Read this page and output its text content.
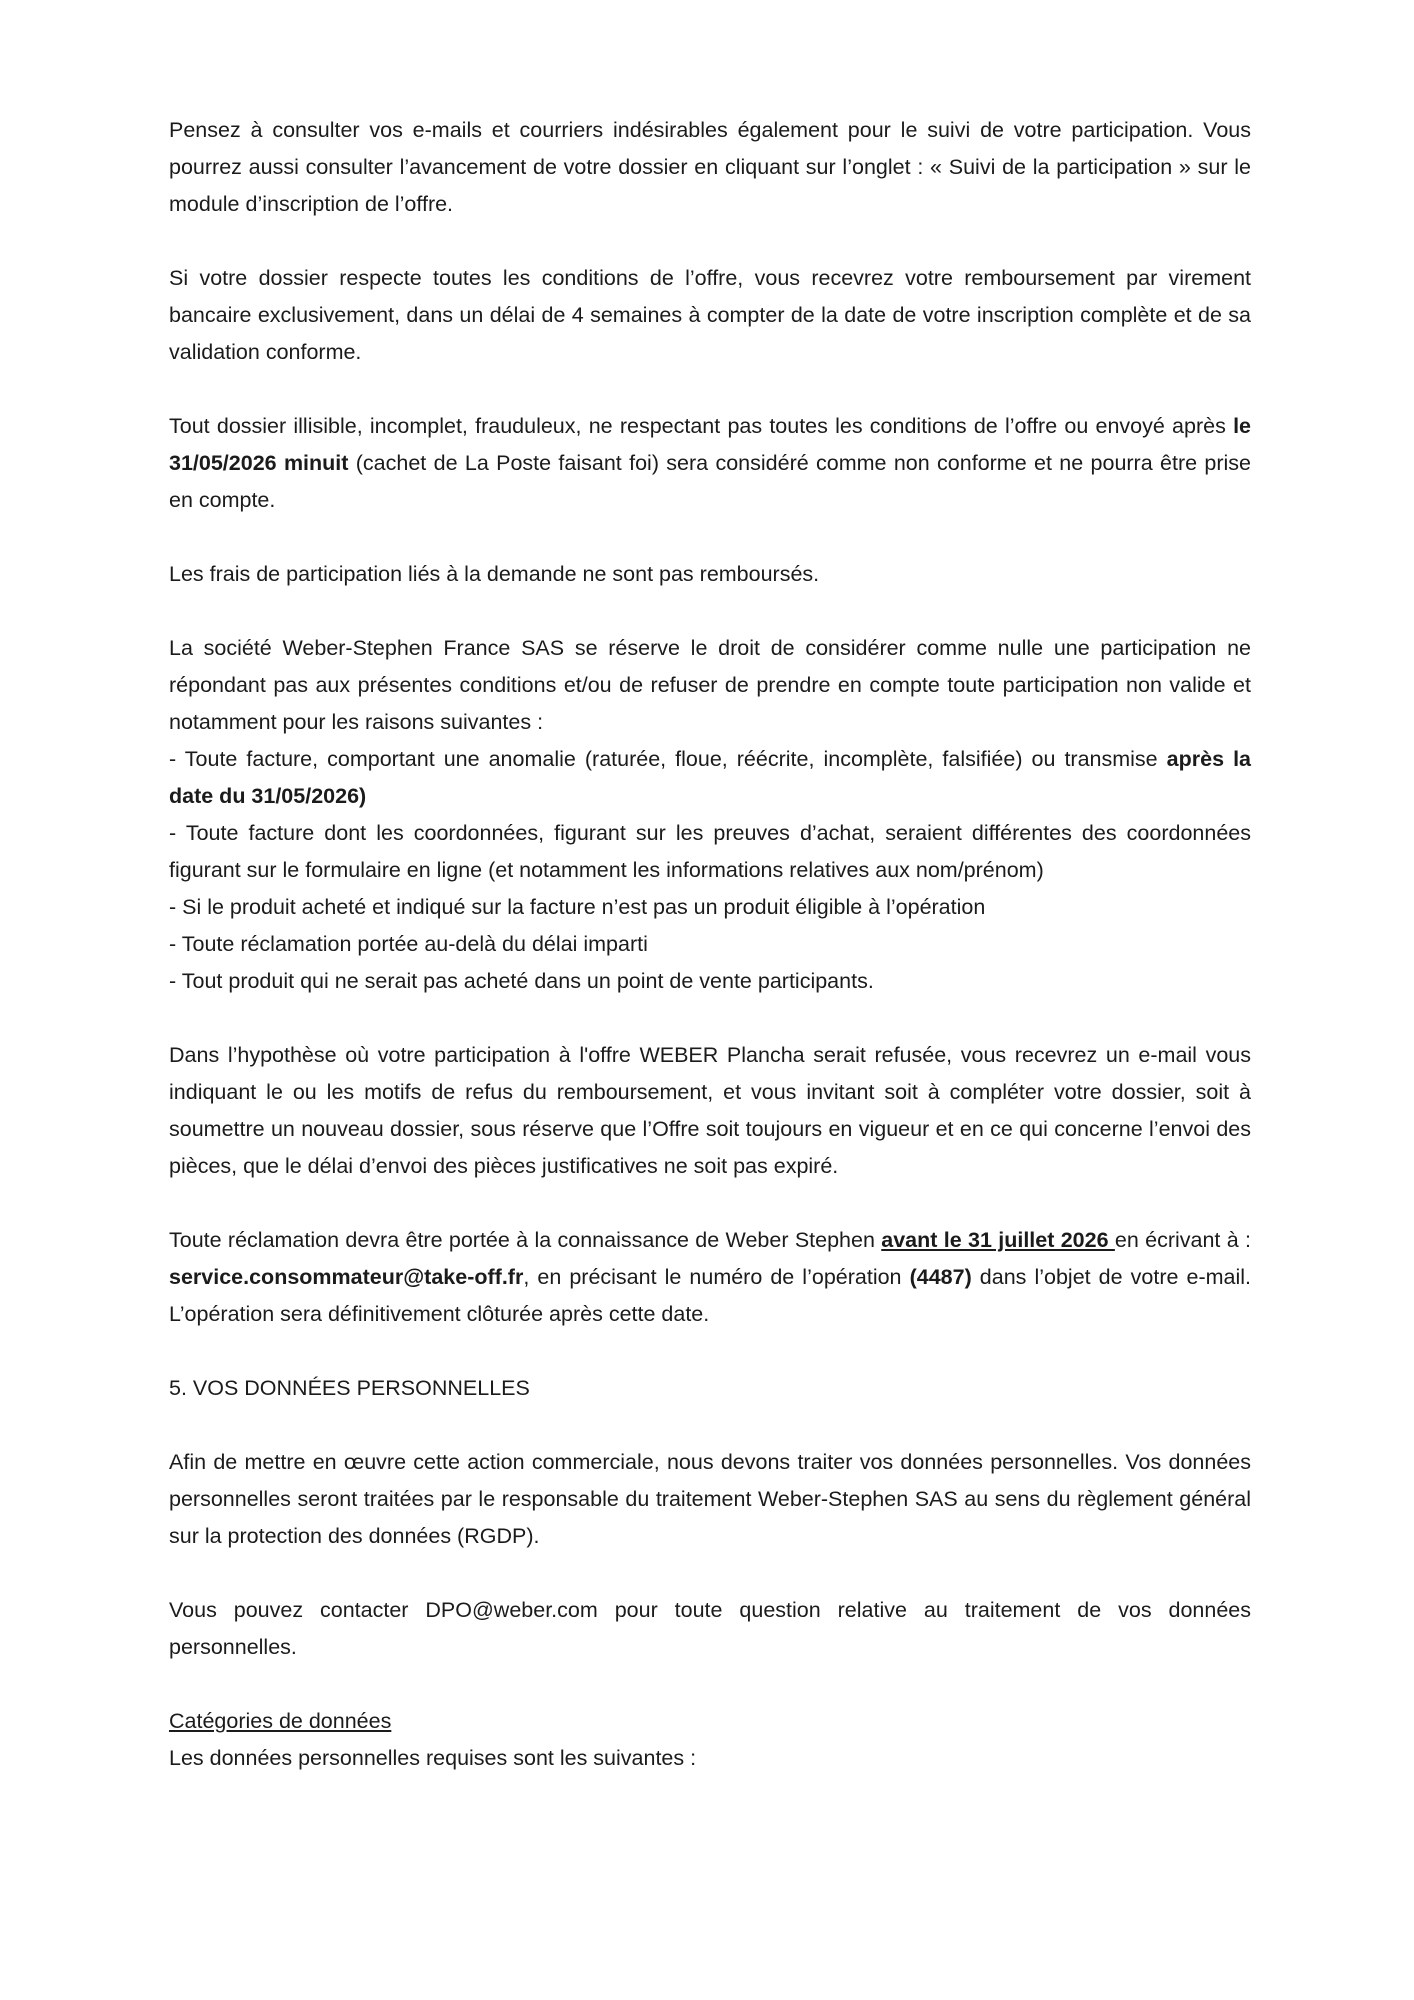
Pensez à consulter vos e-mails et courriers indésirables également pour le suivi de votre participation. Vous pourrez aussi consulter l’avancement de votre dossier en cliquant sur l’onglet : « Suivi de la participation » sur le module d’inscription de l’offre.

Si votre dossier respecte toutes les conditions de l’offre, vous recevrez votre remboursement par virement bancaire exclusivement, dans un délai de 4 semaines à compter de la date de votre inscription complète et de sa validation conforme.

Tout dossier illisible, incomplet, frauduleux, ne respectant pas toutes les conditions de l’offre ou envoyé après le 31/05/2026 minuit (cachet de La Poste faisant foi) sera considéré comme non conforme et ne pourra être prise en compte.

Les frais de participation liés à la demande ne sont pas remboursés.

La société Weber-Stephen France SAS se réserve le droit de considérer comme nulle une participation ne répondant pas aux présentes conditions et/ou de refuser de prendre en compte toute participation non valide et notamment pour les raisons suivantes :
- Toute facture, comportant une anomalie (raturée, floue, réécrite, incomplète, falsifiée) ou transmise après la date du 31/05/2026)
- Toute facture dont les coordonnées, figurant sur les preuves d’achat, seraient différentes des coordonnées figurant sur le formulaire en ligne (et notamment les informations relatives aux nom/prénom)
- Si le produit acheté et indiqué sur la facture n’est pas un produit éligible à l’opération
- Toute réclamation portée au-delà du délai imparti
- Tout produit qui ne serait pas acheté dans un point de vente participants.

Dans l’hypothèse où votre participation à l'offre WEBER Plancha serait refusée, vous recevrez un e-mail vous indiquant le ou les motifs de refus du remboursement, et vous invitant soit à compléter votre dossier, soit à soumettre un nouveau dossier, sous réserve que l’Offre soit toujours en vigueur et en ce qui concerne l’envoi des pièces, que le délai d’envoi des pièces justificatives ne soit pas expiré.

Toute réclamation devra être portée à la connaissance de Weber Stephen avant le 31 juillet 2026 en écrivant à : service.consommateur@take-off.fr, en précisant le numéro de l’opération (4487) dans l’objet de votre e-mail. L’opération sera définitivement clôturée après cette date.

5. VOS DONNÉES PERSONNELLES

Afin de mettre en œuvre cette action commerciale, nous devons traiter vos données personnelles. Vos données personnelles seront traitées par le responsable du traitement Weber-Stephen SAS au sens du règlement général sur la protection des données (RGDP).

Vous pouvez contacter DPO@weber.com pour toute question relative au traitement de vos données personnelles.

Catégories de données

Les données personnelles requises sont les suivantes :
